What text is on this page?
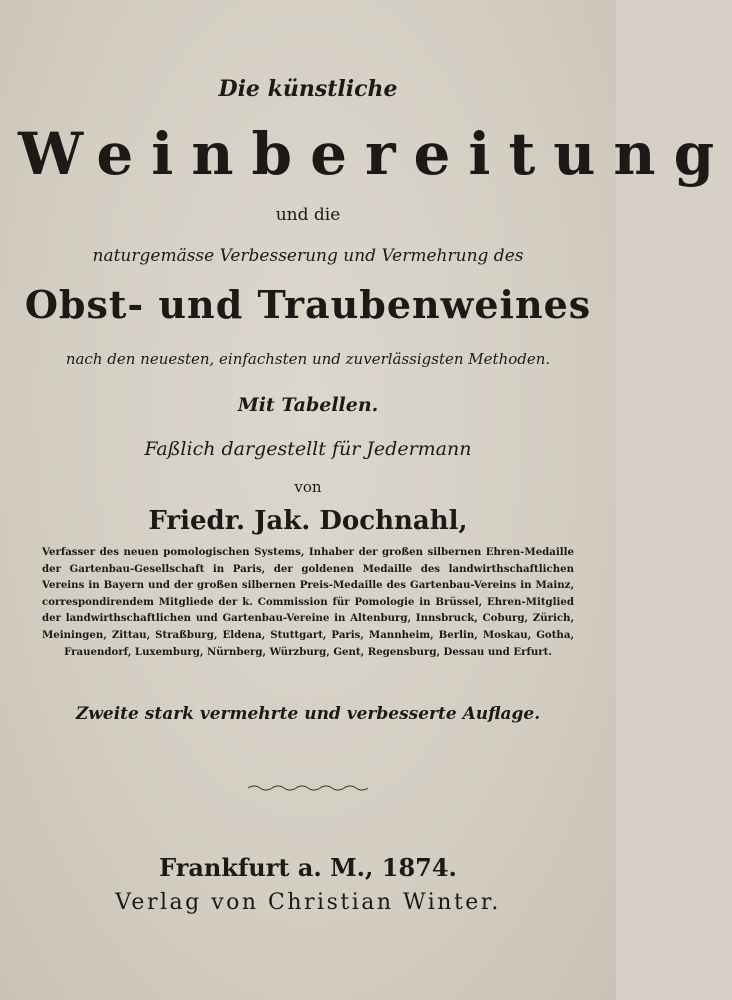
Die künstliche
Weinbereitung
und die
naturgemässe Verbesserung und Vermehrung des
Obst- und Traubenweines
nach den neuesten, einfachsten und zuverlässigsten Methoden.
Mit Tabellen.
Faßlich dargestellt für Jedermann
von
Friedr. Jak. Dochnahl,
Verfasser des neuen pomologischen Systems, Inhaber der großen silbernen Ehren-Medaille der Gartenbau-Gesellschaft in Paris, der goldenen Medaille des landwirthschaftlichen Vereins in Bayern und der großen silbernen Preis-Medaille des Gartenbau-Vereins in Mainz, correspondirendem Mitgliede der k. Commission für Pomologie in Brüssel, Ehren-Mitglied der landwirthschaftlichen und Gartenbau-Vereine in Altenburg, Innsbruck, Coburg, Zürich, Meiningen, Zittau, Straßburg, Eldena, Stuttgart, Paris, Mannheim, Berlin, Moskau, Gotha, Frauendorf, Luxemburg, Nürnberg, Würzburg, Gent, Regensburg, Dessau und Erfurt.
Zweite stark vermehrte und verbesserte Auflage.
Frankfurt a. M., 1874.
Verlag von Christian Winter.
